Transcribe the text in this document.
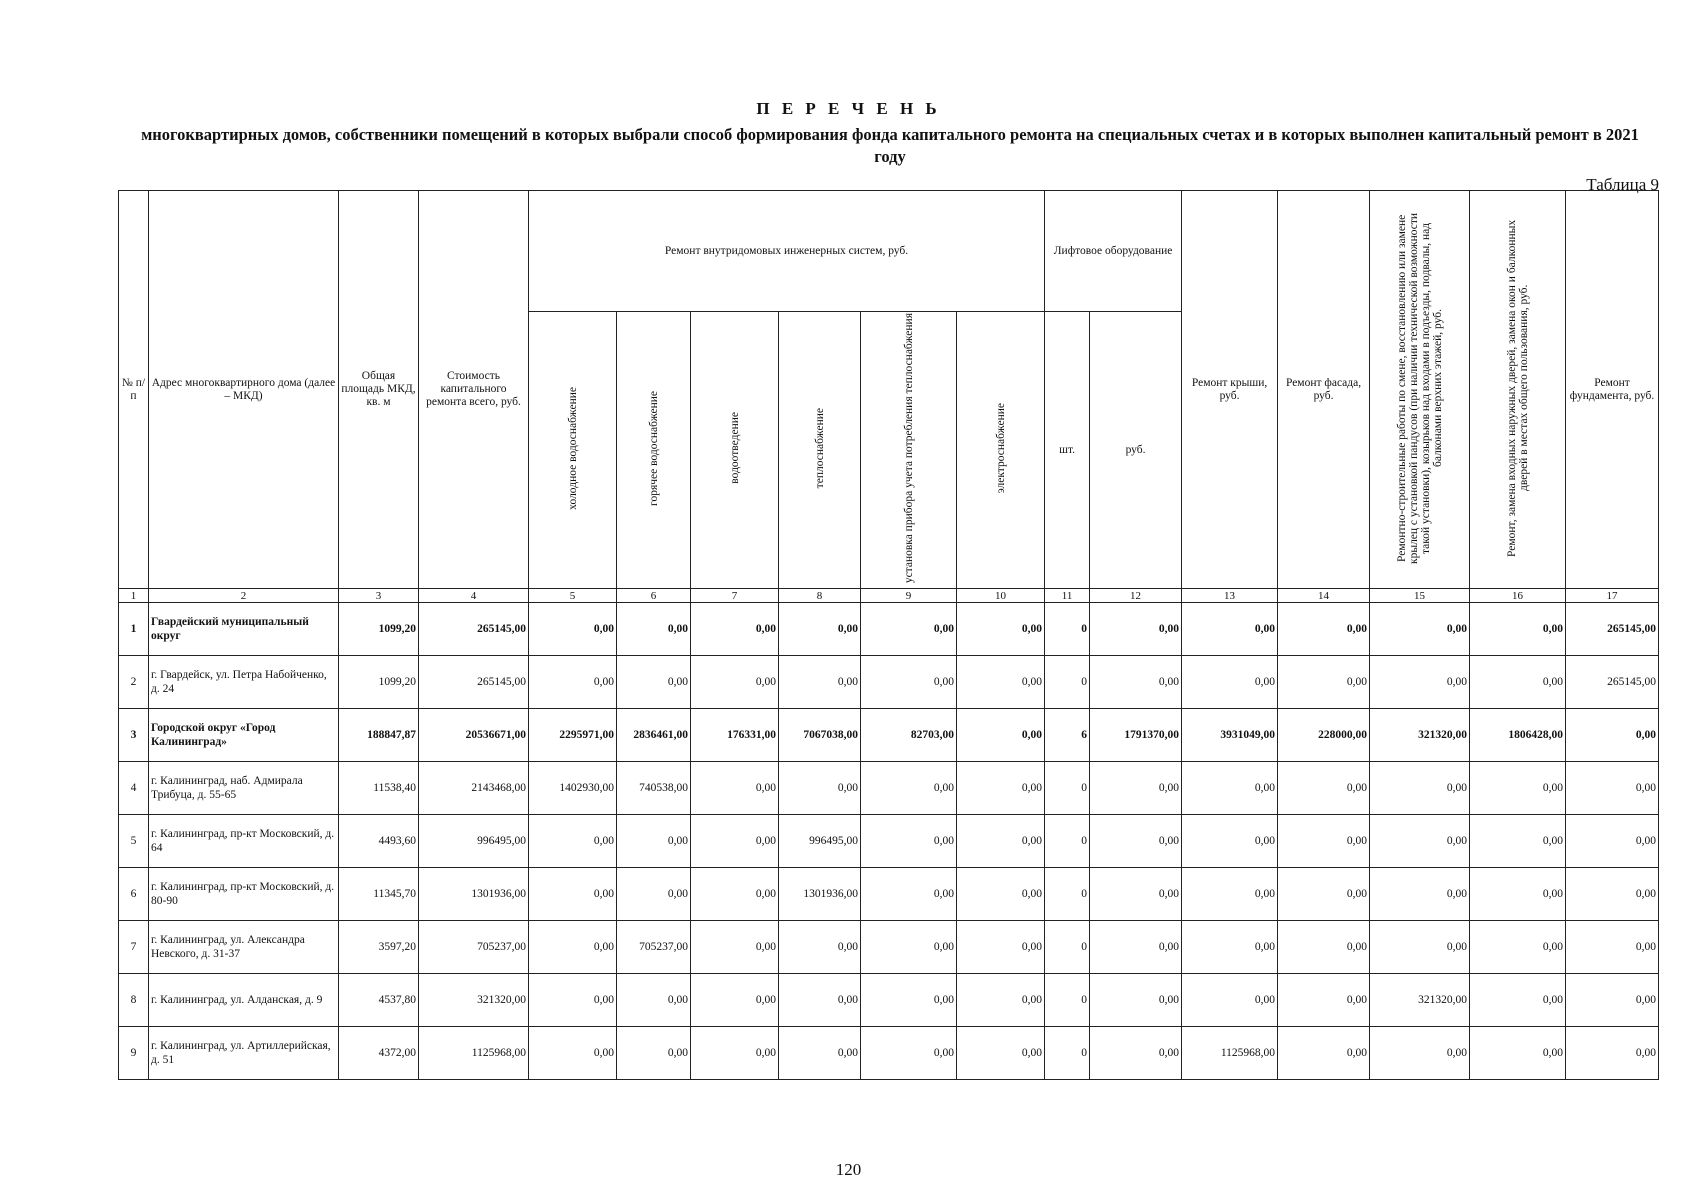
П Е Р Е Ч Е Н Ь
многоквартирных домов, собственники помещений в которых выбрали способ формирования фонда капитального ремонта на специальных счетах и в которых выполнен капитальный ремонт в 2021 году
Таблица 9
№ п/п	Адрес многоквартирного дома (далее – МКД)	Общая площадь МКД, кв. м	Стоимость капитального ремонта всего, руб.	Ремонт внутридомовых инженерных систем, руб.						Лифтовое оборудование		Ремонт крыши, руб.	Ремонт фасада, руб.	Ремонтно-строительные работы по смене, восстановлению или замене крылец с установкой пандусов (при наличии технической возможности такой установки), козырьков над входами в подъезды, подвалы, над балконами верхних этажей, руб.	Ремонт, замена входных наружных дверей, замена окон и балконных дверей в местах общего пользования, руб.	Ремонт фундамента, руб.
				холодное водоснабжение	горячее водоснабжение	водоотведение	теплоснабжение	установка прибора учета потребления теплоснабжения	электроснабжение	шт.	руб.					
1	2	3	4	5	6	7	8	9	10	11	12	13	14	15	16	17
1	Гвардейский муниципальный округ	1099,20	265145,00	0,00	0,00	0,00	0,00	0,00	0,00	0	0,00	0,00	0,00	0,00	0,00	265145,00
2	г. Гвардейск, ул. Петра Набойченко, д. 24	1099,20	265145,00	0,00	0,00	0,00	0,00	0,00	0,00	0	0,00	0,00	0,00	0,00	0,00	265145,00
3	Городской округ «Город Калининград»	188847,87	20536671,00	2295971,00	2836461,00	176331,00	7067038,00	82703,00	0,00	6	1791370,00	3931049,00	228000,00	321320,00	1806428,00	0,00
4	г. Калининград, наб. Адмирала Трибуца, д. 55-65	11538,40	2143468,00	1402930,00	740538,00	0,00	0,00	0,00	0,00	0	0,00	0,00	0,00	0,00	0,00	0,00
5	г. Калининград, пр-кт Московский, д. 64	4493,60	996495,00	0,00	0,00	0,00	996495,00	0,00	0,00	0	0,00	0,00	0,00	0,00	0,00	0,00
6	г. Калининград, пр-кт Московский, д. 80-90	11345,70	1301936,00	0,00	0,00	0,00	1301936,00	0,00	0,00	0	0,00	0,00	0,00	0,00	0,00	0,00
7	г. Калининград, ул. Александра Невского, д. 31-37	3597,20	705237,00	0,00	705237,00	0,00	0,00	0,00	0,00	0	0,00	0,00	0,00	0,00	0,00	0,00
8	г. Калининград, ул. Алданская, д. 9	4537,80	321320,00	0,00	0,00	0,00	0,00	0,00	0,00	0	0,00	0,00	0,00	321320,00	0,00	0,00
9	г. Калининград, ул. Артиллерийская, д. 51	4372,00	1125968,00	0,00	0,00	0,00	0,00	0,00	0,00	0	0,00	1125968,00	0,00	0,00	0,00	0,00
120
